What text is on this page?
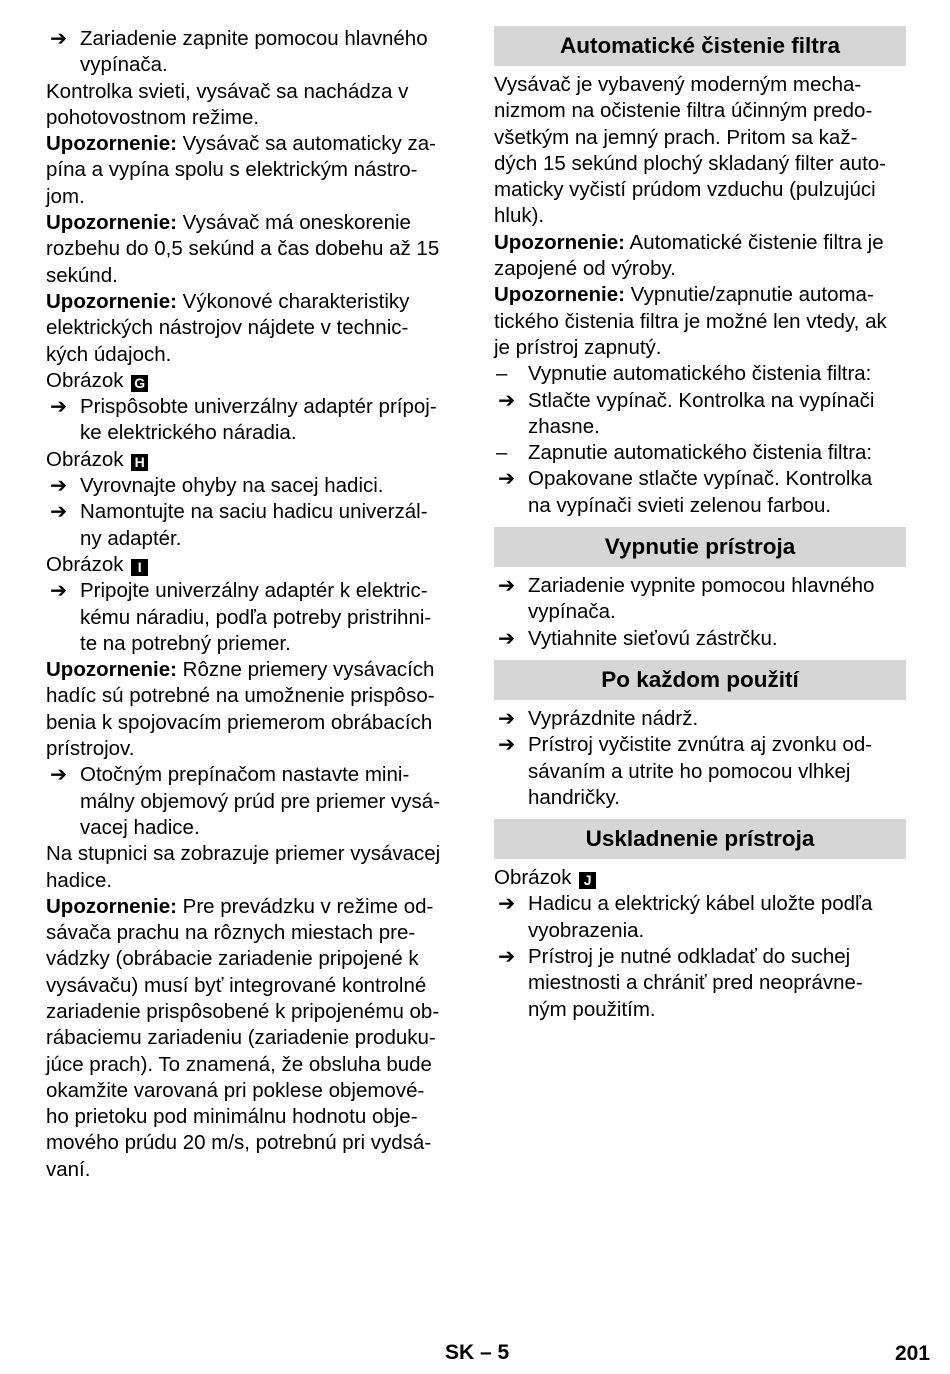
➔ Zariadenie zapnite pomocou hlavného
vypínača.

Kontrolka svieti, vysávač sa nachádza v
pohotovostnom režime.

Upozornenie: Vysávač sa automaticky za-
pína a vypína spolu s elektrickým nástro-
jom.

Upozornenie: Vysávač má oneskorenie
rozbehu do 0,5 sekúnd a čas dobehu až 15
sekúnd.

Upozornenie: Výkonové charakteristiky
elektrických nástrojov nájdete v technic-
kých údajoch.

Obrázok G

➔ Prispôsobte univerzálny adaptér prípoj-
ke elektrického náradia.

Obrázok H

➔ Vyrovnajte ohyby na sacej hadici.
➔ Namontujte na saciu hadicu univerzál-
ny adaptér.

Obrázok I

➔ Pripojte univerzálny adaptér k elektric-
kému náradiu, podľa potreby pristrihni-
te na potrebný priemer.

Upozornenie: Rôzne priemery vysávacích
hadíc sú potrebné na umožnenie prispôso-
benia k spojovacím priemerom obrábacích
prístrojov.

➔ Otočným prepínačom nastavte mini-
málny objemový prúd pre priemer vysá-
vacej hadice.

Na stupnici sa zobrazuje priemer vysávacej
hadice.

Upozornenie: Pre prevádzku v režime od-
sávača prachu na rôznych miestach pre-
vádzky (obrábacie zariadenie pripojené k
vysávaču) musí byť integrované kontrolné
zariadenie prispôsobené k pripojenému ob-
rábaciemu zariadeniu (zariadenie produku-
júce prach). To znamená, že obsluha bude
okamžite varovaná pri poklese objemové-
ho prietoku pod minimálnu hodnotu obje-
mového prúdu 20 m/s, potrebnú pri vydsá-
vaní.

Automatické čistenie filtra

Vysávač je vybavený moderným mecha-
nizmom na očistenie filtra účinným predo-
všetkým na jemný prach. Pritom sa kaž-
dých 15 sekúnd plochý skladaný filter auto-
maticky vyčistí prúdom vzduchu (pulzujúci
hluk).

Upozornenie: Automatické čistenie filtra je
zapojené od výroby.

Upozornenie: Vypnutie/zapnutie automa-
tického čistenia filtra je možné len vtedy, ak
je prístroj zapnutý.

– Vypnutie automatického čistenia filtra:
➔ Stlačte vypínač. Kontrolka na vypínači
zhasne.
– Zapnutie automatického čistenia filtra:
➔ Opakovane stlačte vypínač. Kontrolka
na vypínači svieti zelenou farbou.
Vypnutie prístroja
➔ Zariadenie vypnite pomocou hlavného
vypínača.
➔ Vytiahnite sieťovú zástrčku.
Po každom použití
➔ Vyprázdnite nádrž.
➔ Prístroj vyčistite zvnútra aj zvonku od-
sávaním a utrite ho pomocou vlhkej
handričky.
Uskladnenie prístroja

Obrázok J

➔ Hadicu a elektrický kábel uložte podľa
vyobrazenia.
➔ Prístroj je nutné odkladať do suchej
miestnosti a chrániť pred neoprávne-
ným použitím.
SK – 5	201
